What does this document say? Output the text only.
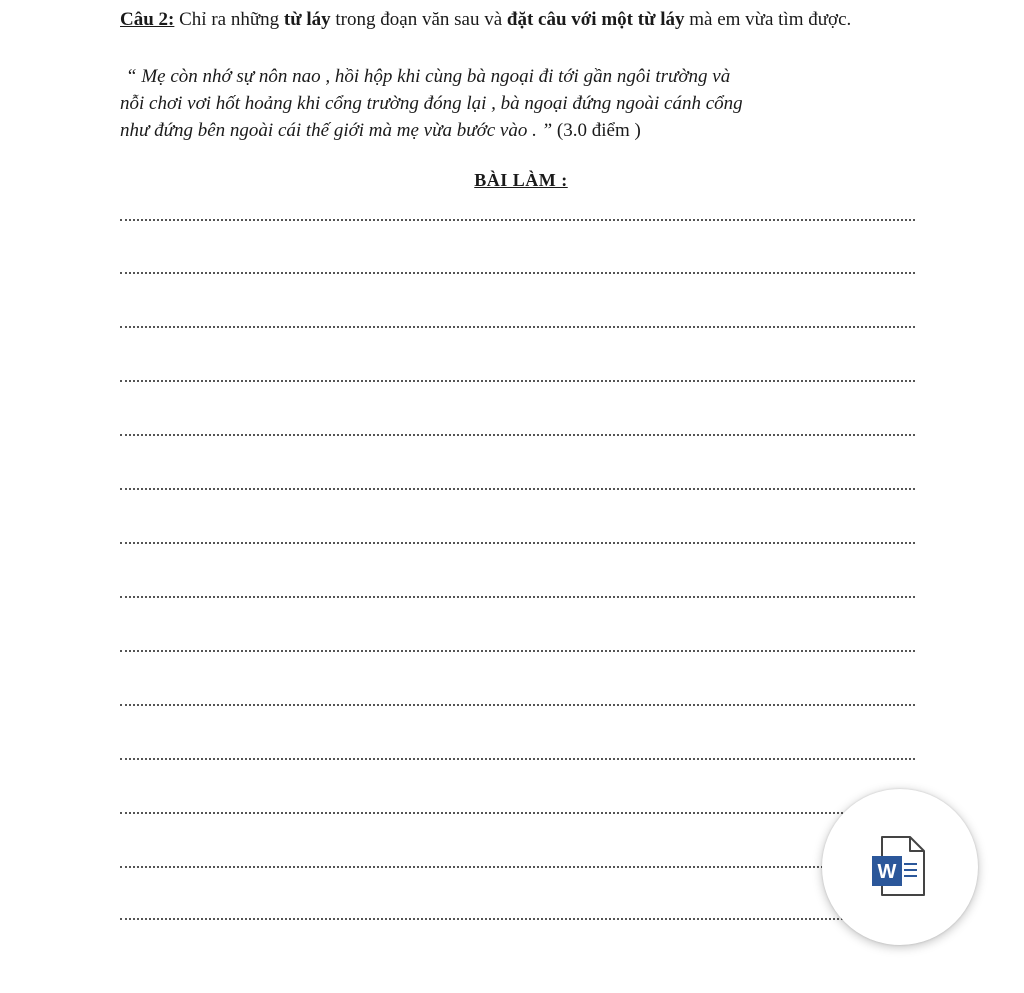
Câu 2: Chỉ ra những từ láy trong đoạn văn sau và đặt câu với một từ láy mà em vừa tìm được.
“ Mẹ còn nhớ sự nôn nao , hồi hộp khi cùng bà ngoại đi tới gần ngôi trường và
nỗi chơi vơi hốt hoảng khi cổng trường đóng lại , bà ngoại đứng ngoài cánh cổng
như đứng bên ngoài cái thế giới mà mẹ vừa bước vào . ” (3.0 điểm )
BÀI LÀM :
W
